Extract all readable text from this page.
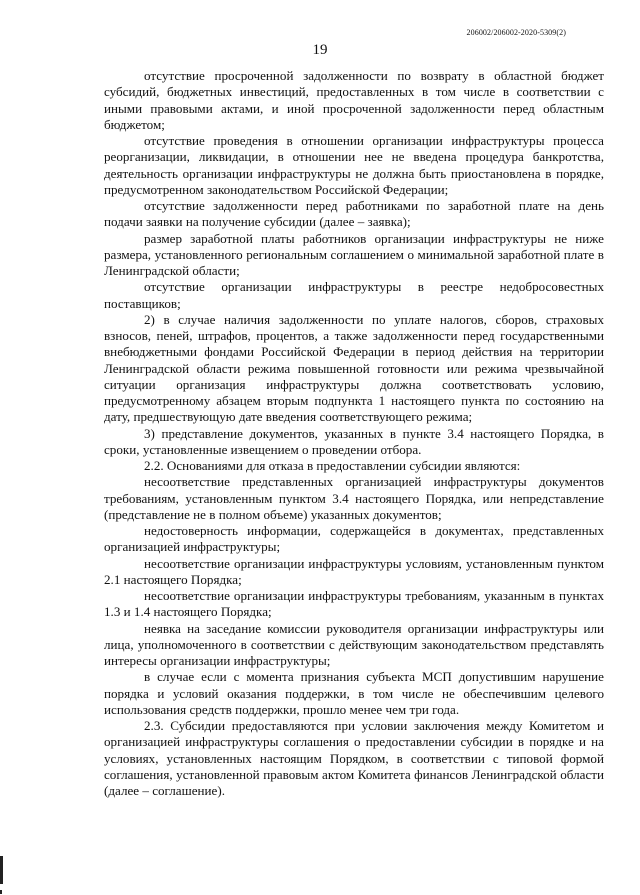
206002/206002-2020-5309(2)
19

отсутствие просроченной задолженности по возврату в областной бюджет субсидий, бюджетных инвестиций, предоставленных в том числе в соответствии с иными правовыми актами, и иной просроченной задолженности перед областным бюджетом;

отсутствие проведения в отношении организации инфраструктуры процесса реорганизации, ликвидации, в отношении нее не введена процедура банкротства, деятельность организации инфраструктуры не должна быть приостановлена в порядке, предусмотренном законодательством Российской Федерации;

отсутствие задолженности перед работниками по заработной плате на день подачи заявки на получение субсидии (далее – заявка);

размер заработной платы работников организации инфраструктуры не ниже размера, установленного региональным соглашением о минимальной заработной плате в Ленинградской области;

отсутствие организации инфраструктуры в реестре недобросовестных поставщиков;

2) в случае наличия задолженности по уплате налогов, сборов, страховых взносов, пеней, штрафов, процентов, а также задолженности перед государственными внебюджетными фондами Российской Федерации в период действия на территории Ленинградской области режима повышенной готовности или режима чрезвычайной ситуации организация инфраструктуры должна соответствовать условию, предусмотренному абзацем вторым подпункта 1 настоящего пункта по состоянию на дату, предшествующую дате введения соответствующего режима;

3) представление документов, указанных в пункте 3.4 настоящего Порядка, в сроки, установленные извещением о проведении отбора.

2.2. Основаниями для отказа в предоставлении субсидии являются:

несоответствие представленных организацией инфраструктуры документов требованиям, установленным пунктом 3.4 настоящего Порядка, или непредставление (представление не в полном объеме) указанных документов;

недостоверность информации, содержащейся в документах, представленных организацией инфраструктуры;

несоответствие организации инфраструктуры условиям, установленным пунктом 2.1 настоящего Порядка;

несоответствие организации инфраструктуры требованиям, указанным в пунктах 1.3 и 1.4 настоящего Порядка;

неявка на заседание комиссии руководителя организации инфраструктуры или лица, уполномоченного в соответствии с действующим законодательством представлять интересы организации инфраструктуры;

в случае если с момента признания субъекта МСП допустившим нарушение порядка и условий оказания поддержки, в том числе не обеспечившим целевого использования средств поддержки, прошло менее чем три года.

2.3. Субсидии предоставляются при условии заключения между Комитетом и организацией инфраструктуры соглашения о предоставлении субсидии в порядке и на условиях, установленных настоящим Порядком, в соответствии с типовой формой соглашения, установленной правовым актом Комитета финансов Ленинградской области (далее – соглашение).
